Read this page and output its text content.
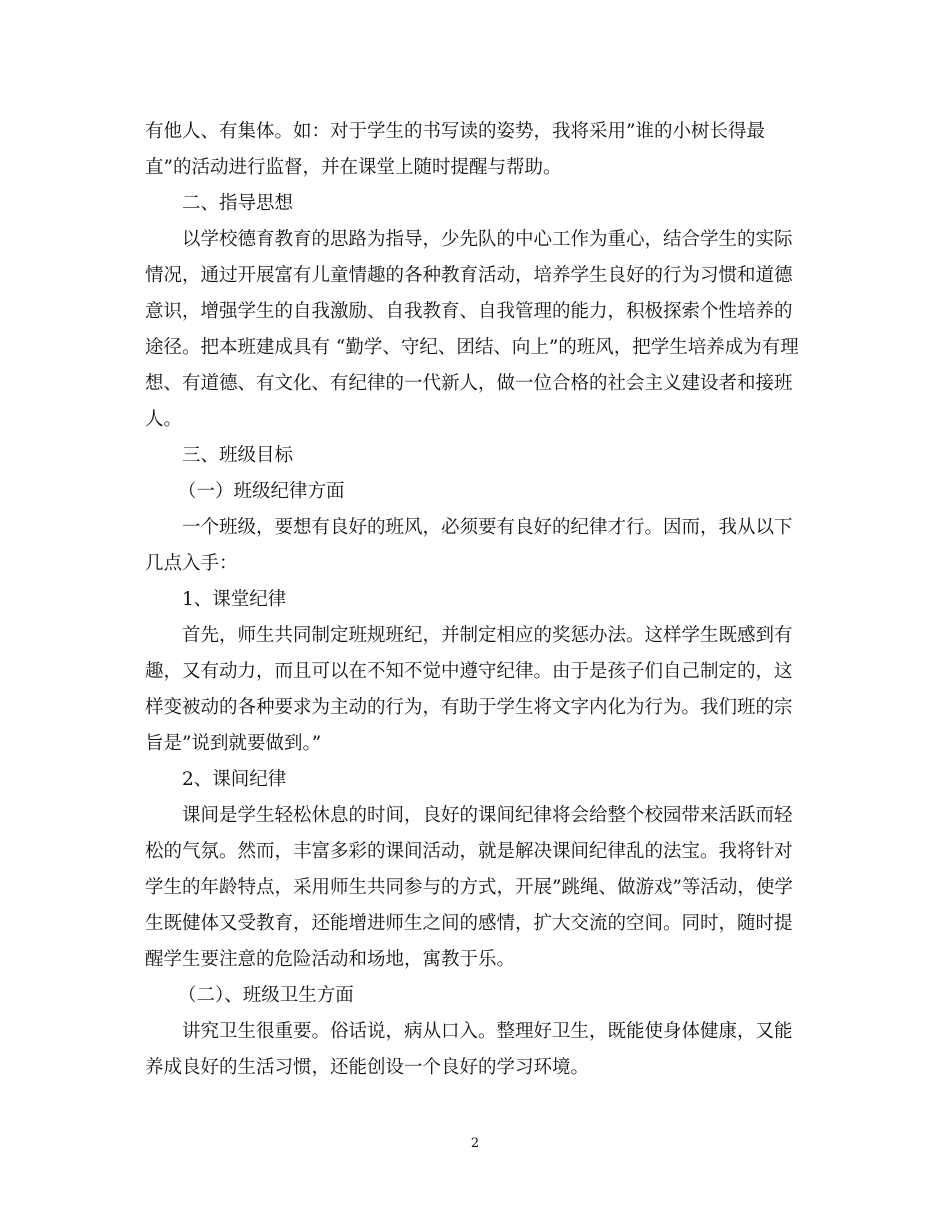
有他人、有集体。如：对于学生的书写读的姿势，我将采用”谁的小树长得最
直”的活动进行监督，并在课堂上随时提醒与帮助。
二、指导思想
以学校德育教育的思路为指导，少先队的中心工作为重心，结合学生的实际
情况，通过开展富有儿童情趣的各种教育活动，培养学生良好的行为习惯和道德
意识，增强学生的自我激励、自我教育、自我管理的能力，积极探索个性培养的
途径。把本班建成具有 “勤学、守纪、团结、向上”的班风，把学生培养成为有理
想、有道德、有文化、有纪律的一代新人，做一位合格的社会主义建设者和接班
人。
三、班级目标
（一）班级纪律方面
一个班级，要想有良好的班风，必须要有良好的纪律才行。因而，我从以下
几点入手：
1、课堂纪律
首先，师生共同制定班规班纪，并制定相应的奖惩办法。这样学生既感到有
趣，又有动力，而且可以在不知不觉中遵守纪律。由于是孩子们自己制定的，这
样变被动的各种要求为主动的行为，有助于学生将文字内化为行为。我们班的宗
旨是”说到就要做到。”
2、课间纪律
课间是学生轻松休息的时间，良好的课间纪律将会给整个校园带来活跃而轻
松的气氛。然而，丰富多彩的课间活动，就是解决课间纪律乱的法宝。我将针对
学生的年龄特点，采用师生共同参与的方式，开展”跳绳、做游戏”等活动，使学
生既健体又受教育，还能增进师生之间的感情，扩大交流的空间。同时，随时提
醒学生要注意的危险活动和场地，寓教于乐。
（二）、班级卫生方面
讲究卫生很重要。俗话说，病从口入。整理好卫生，既能使身体健康，又能
养成良好的生活习惯，还能创设一个良好的学习环境。
2
